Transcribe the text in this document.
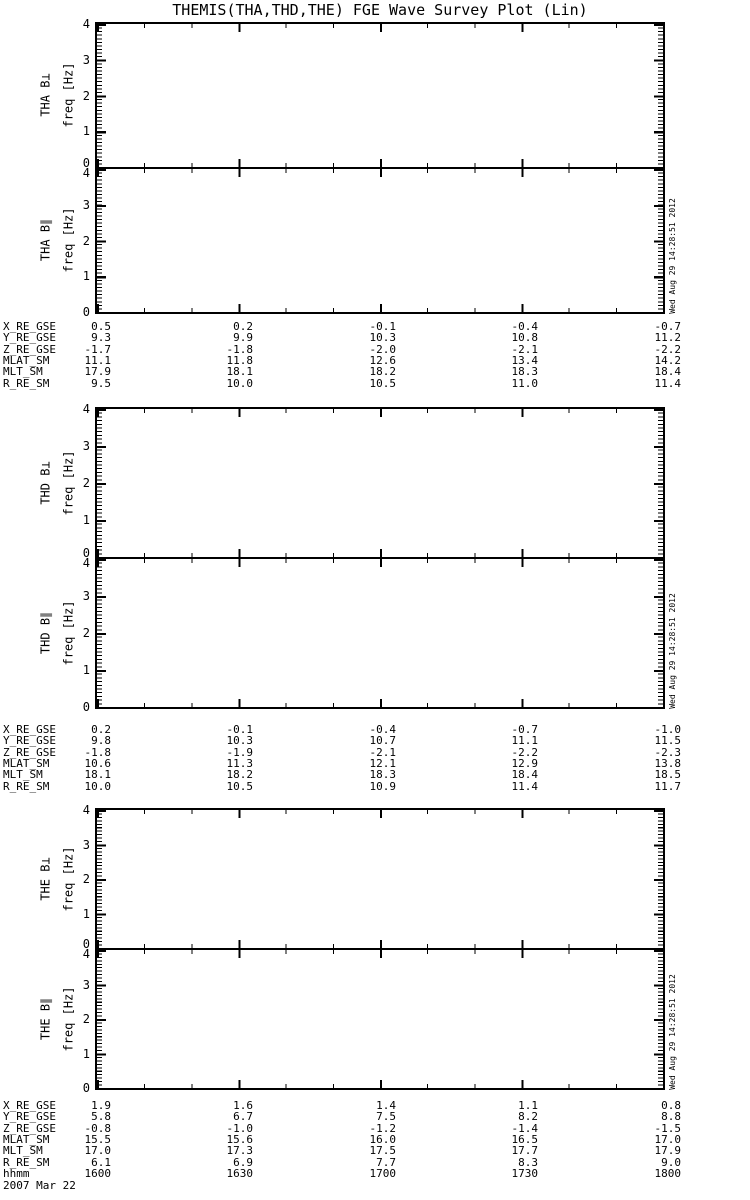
THEMIS(THA,THD,THE) FGE Wave Survey Plot (Lin)
4
3
2
1
0
4
3
2
1
0
THA B⊥ freq [Hz]
THA B∥ freq [Hz]	Wed Aug 29 14:28:51 2012
X_RE_GSE	0.5	0.2	-0.1	-0.4	-0.7
Y_RE_GSE	9.3	9.9	10.3	10.8	11.2
Z_RE_GSE	-1.7	-1.8	-2.0	-2.1	-2.2
MLAT_SM	11.1	11.8	12.6	13.4	14.2
MLT_SM	17.9	18.1	18.2	18.3	18.4
R_RE_SM	9.5	10.0	10.5	11.0	11.4
4
3
2
1
0
4
3
2
1
0
THD B⊥ freq [Hz]
THD B∥ freq [Hz]	Wed Aug 29 14:28:51 2012
X_RE_GSE	0.2	-0.1	-0.4	-0.7	-1.0
Y_RE_GSE	9.8	10.3	10.7	11.1	11.5
Z_RE_GSE	-1.8	-1.9	-2.1	-2.2	-2.3
MLAT_SM	10.6	11.3	12.1	12.9	13.8
MLT_SM	18.1	18.2	18.3	18.4	18.5
R_RE_SM	10.0	10.5	10.9	11.4	11.7
4
3
2
1
0
4
3
2
1
0
THE B⊥ freq [Hz]
THE B∥ freq [Hz]	Wed Aug 29 14:28:51 2012
X_RE_GSE	1.9	1.6	1.4	1.1	0.8
Y_RE_GSE	5.8	6.7	7.5	8.2	8.8
Z_RE_GSE	-0.8	-1.0	-1.2	-1.4	-1.5
MLAT_SM	15.5	15.6	16.0	16.5	17.0
MLT_SM	17.0	17.3	17.5	17.7	17.9
R_RE_SM	6.1	6.9	7.7	8.3	9.0
hhmm	1600	1630	1700	1730	1800
2007 Mar 22
